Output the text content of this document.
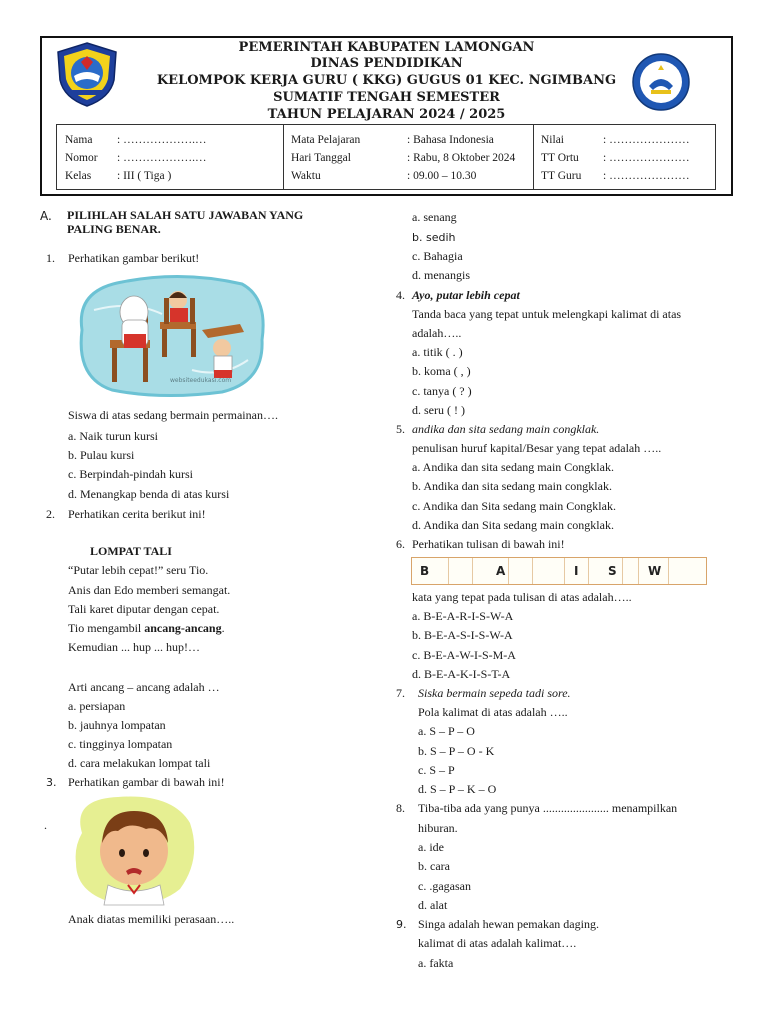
PEMERINTAH KABUPATEN LAMONGAN
DINAS PENDIDIKAN
KELOMPOK KERJA GURU ( KKG) GUGUS 01 KEC. NGIMBANG
SUMATIF TENGAH SEMESTER
TAHUN PELAJARAN 2024 / 2025
Nama : ……………….…
Nomor : ……………….…
Kelas : III ( Tiga )
Mata Pelajaran	: Bahasa Indonesia
Hari Tanggal	: Rabu, 8 Oktober 2024
Waktu	: 09.00 – 10.30
Nilai	: …………………
TT Ortu : …………………
TT Guru : …………………
A. PILIHLAH SALAH SATU JAWABAN YANG
PALING BENAR.
1. Perhatikan gambar berikut!
websiteedukasi.com
Siswa di atas sedang bermain permainan….
a. Naik turun kursi
b. Pulau kursi
c. Berpindah-pindah kursi
d. Menangkap benda di atas kursi
2. Perhatikan cerita berikut ini!
LOMPAT TALI
“Putar lebih cepat!” seru Tio.
Anis dan Edo memberi semangat.
Tali karet diputar dengan cepat.
Tio mengambil ancang-ancang.
Kemudian ... hup ... hup!…
Arti ancang – ancang adalah …
a. persiapan
b. jauhnya lompatan
c. tingginya lompatan
d. cara melakukan lompat tali
3. Perhatikan gambar di bawah ini!
.
Anak diatas memiliki perasaan…..
a. senang
b. sedih
c. Bahagia
d. menangis
4. Ayo, putar lebih cepat
Tanda baca yang tepat untuk melengkapi kalimat di atas
adalah…..
a. titik ( . )
b. koma ( , )
c. tanya ( ? )
d. seru ( ! )
5. andika dan sita sedang main congklak.
penulisan huruf kapital/Besar yang tepat adalah …..
a. Andika dan sita sedang main Congklak.
b. Andika dan sita sedang main congklak.
c. Andika dan Sita sedang main Congklak.
d. Andika dan Sita sedang main congklak.
6. Perhatikan tulisan di bawah ini!
B	A	I S	W
kata yang tepat pada tulisan di atas adalah…..
a. B-E-A-R-I-S-W-A
b. B-E-A-S-I-S-W-A
c. B-E-A-W-I-S-M-A
d. B-E-A-K-I-S-T-A
7. Siska bermain sepeda tadi sore.
Pola kalimat di atas adalah …..
a. S – P – O
b. S – P – O - K
c. S – P
d. S – P – K – O
8. Tiba-tiba ada yang punya ...................... menampilkan
hiburan.
a. ide
b. cara
c. .gagasan
d. alat
9. Singa adalah hewan pemakan daging.
kalimat di atas adalah kalimat….
a. fakta
